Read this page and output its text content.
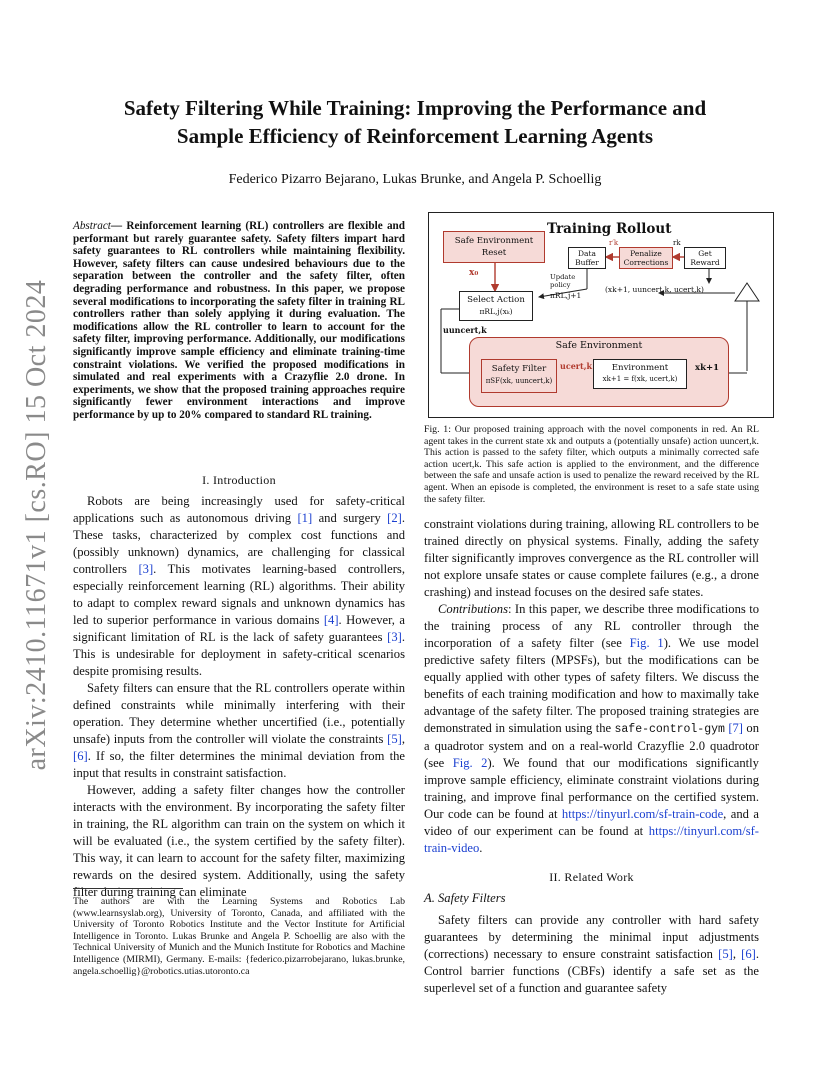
arXiv:2410.11671v1 [cs.RO] 15 Oct 2024
Safety Filtering While Training: Improving the Performance and
Sample Efficiency of Reinforcement Learning Agents
Federico Pizarro Bejarano, Lukas Brunke, and Angela P. Schoellig
Abstract— Reinforcement learning (RL) controllers are flexible and performant but rarely guarantee safety. Safety filters impart hard safety guarantees to RL controllers while maintaining flexibility. However, safety filters can cause undesired behaviours due to the separation between the controller and the safety filter, often degrading performance and robustness. In this paper, we propose several modifications to incorporating the safety filter in training RL controllers rather than solely applying it during evaluation. The modifications allow the RL controller to learn to account for the safety filter, improving performance. Additionally, our modifications significantly improve sample efficiency and eliminate training-time constraint violations. We verified the proposed modifications in simulated and real experiments with a Crazyflie 2.0 drone. In experiments, we show that the proposed training approaches require significantly fewer environment interactions and improve performance by up to 20% compared to standard RL training.
I. Introduction

Robots are being increasingly used for safety-critical applications such as autonomous driving [1] and surgery [2]. These tasks, characterized by complex cost functions and (possibly unknown) dynamics, are challenging for classical controllers [3]. This motivates learning-based controllers, especially reinforcement learning (RL) algorithms. Their ability to adapt to complex reward signals and unknown dynamics has led to superior performance in various domains [4]. However, a significant limitation of RL is the lack of safety guarantees [3]. This is undesirable for deployment in safety-critical scenarios despite promising results.

Safety filters can ensure that the RL controllers operate within defined constraints while minimally interfering with their operation. They determine whether uncertified (i.e., potentially unsafe) inputs from the controller will violate the constraints [5], [6]. If so, the filter determines the minimal deviation from the input that results in constraint satisfaction.

However, adding a safety filter changes how the controller interacts with the environment. By incorporating the safety filter in training, the RL algorithm can train on the system on which it will be evaluated (i.e., the system certified by the safety filter). This way, it can learn to account for the safety filter, maximizing rewards on the desired system. Additionally, using the safety filter during training can eliminate

The authors are with the Learning Systems and Robotics Lab (www.learnsyslab.org), University of Toronto, Canada, and affiliated with the University of Toronto Robotics Institute and the Vector Institute for Artificial Intelligence in Toronto. Lukas Brunke and Angela P. Schoellig are also with the Technical University of Munich and the Munich Institute for Robotics and Machine Intelligence (MIRMI), Germany. E-mails: {federico.pizarrobejarano, lukas.brunke, angela.schoellig}@robotics.utias.utoronto.ca
Training Rollout
Safe Environment Reset	Data Buffer
Penalize Corrections
Get Reward
Update policy
πRL,j+1
x₀
Select Action
πRL,j(xₖ)
(xk+1, uuncert,k, ucert,k)
rk
r′k
uuncert,k
Safe Environment
Safety Filter
πSF(xk, uuncert,k)
ucert,k	Environment
xk+1 = f(xk, ucert,k)
xk+1
Fig. 1: Our proposed training approach with the novel components in red. An RL agent takes in the current state xk and outputs a (potentially unsafe) action uuncert,k. This action is passed to the safety filter, which outputs a minimally corrected safe action ucert,k. This safe action is applied to the environment, and the difference between the safe and unsafe action is used to penalize the reward received by the RL agent. When an episode is completed, the environment is reset to a safe state using the safety filter.

constraint violations during training, allowing RL controllers to be trained directly on physical systems. Finally, adding the safety filter significantly improves convergence as the RL controller will not explore unsafe states or cause complete failures (e.g., a drone crashing) and instead focuses on the desired safe states.

Contributions: In this paper, we describe three modifications to the training process of any RL controller through the incorporation of a safety filter (see Fig. 1). We use model predictive safety filters (MPSFs), but the modifications can be equally applied with other types of safety filters. We discuss the benefits of each training modification and how to maximally take advantage of the safety filter. The proposed training strategies are demonstrated in simulation using the safe-control-gym [7] on a quadrotor system and on a real-world Crazyflie 2.0 quadrotor (see Fig. 2). We found that our modifications significantly improve sample efficiency, eliminate constraint violations during training, and improve final performance on the certified system. Our code can be found at https://tinyurl.com/sf-train-code, and a video of our experiment can be found at https://tinyurl.com/sf-train-video.

II. Related Work
A. Safety Filters

Safety filters can provide any controller with hard safety guarantees by determining the minimal input adjustments (corrections) necessary to ensure constraint satisfaction [5], [6]. Control barrier functions (CBFs) identify a safe set as the superlevel set of a function and guarantee safety
